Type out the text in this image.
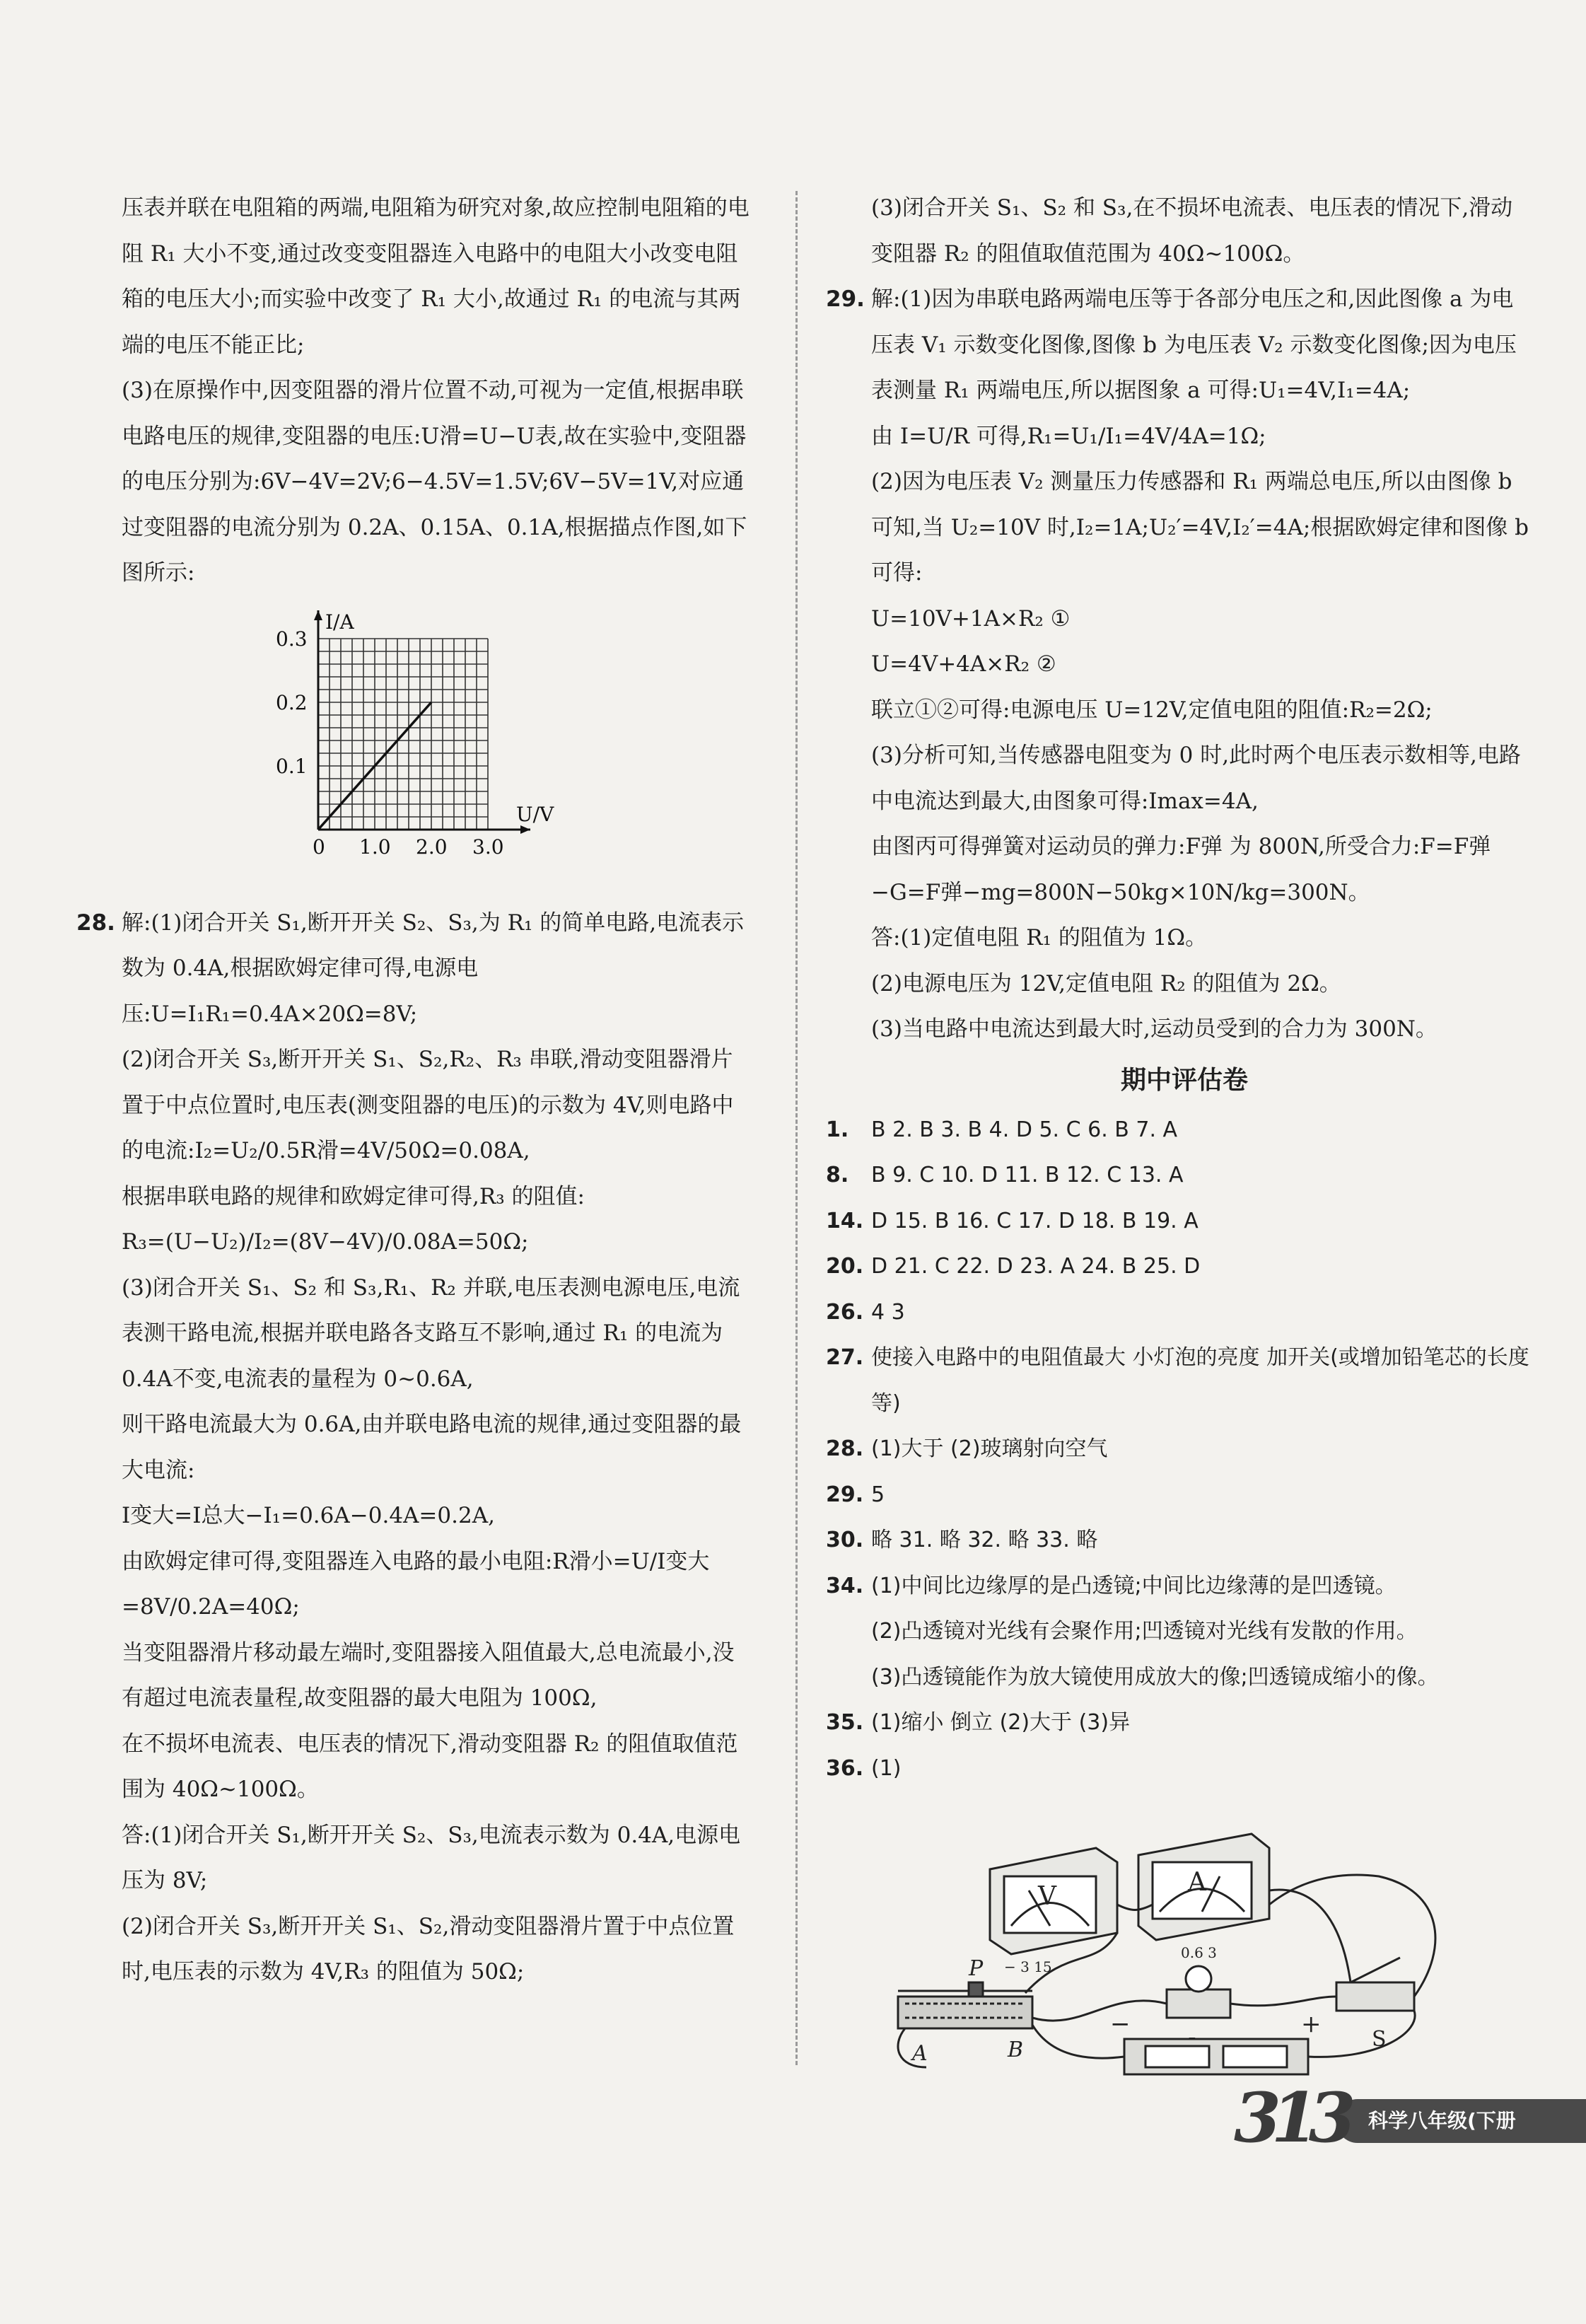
压表并联在电阻箱的两端,电阻箱为研究对象,故应控制电阻箱的电阻 R₁ 大小不变,通过改变变阻器连入电路中的电阻大小改变电阻箱的电压大小;而实验中改变了 R₁ 大小,故通过 R₁ 的电流与其两端的电压不能正比;

(3)在原操作中,因变阻器的滑片位置不动,可视为一定值,根据串联电路电压的规律,变阻器的电压:U滑=U−U表,故在实验中,变阻器的电压分别为:6V−4V=2V;6−4.5V=1.5V;6V−5V=1V,对应通过变阻器的电流分别为 0.2A、0.15A、0.1A,根据描点作图,如下图所示:

0 1.0 2.0 3.0
0.1
0.2
0.3
U/V
I/A
28. 解:(1)闭合开关 S₁,断开开关 S₂、S₃,为 R₁ 的简单电路,电流表示数为 0.4A,根据欧姆定律可得,电源电压:U=I₁R₁=0.4A×20Ω=8V;
(2)闭合开关 S₃,断开开关 S₁、S₂,R₂、R₃ 串联,滑动变阻器滑片置于中点位置时,电压表(测变阻器的电压)的示数为 4V,则电路中的电流:I₂=U₂/0.5R滑=4V/50Ω=0.08A,
根据串联电路的规律和欧姆定律可得,R₃ 的阻值:
R₃=(U−U₂)/I₂=(8V−4V)/0.08A=50Ω;
(3)闭合开关 S₁、S₂ 和 S₃,R₁、R₂ 并联,电压表测电源电压,电流表测干路电流,根据并联电路各支路互不影响,通过 R₁ 的电流为 0.4A不变,电流表的量程为 0~0.6A,
则干路电流最大为 0.6A,由并联电路电流的规律,通过变阻器的最大电流:
I变大=I总大−I₁=0.6A−0.4A=0.2A,
由欧姆定律可得,变阻器连入电路的最小电阻:R滑小=U/I变大=8V/0.2A=40Ω;
当变阻器滑片移动最左端时,变阻器接入阻值最大,总电流最小,没有超过电流表量程,故变阻器的最大电阻为 100Ω,
在不损坏电流表、电压表的情况下,滑动变阻器 R₂ 的阻值取值范围为 40Ω~100Ω。
答:(1)闭合开关 S₁,断开开关 S₂、S₃,电流表示数为 0.4A,电源电压为 8V;
(2)闭合开关 S₃,断开开关 S₁、S₂,滑动变阻器滑片置于中点位置时,电压表的示数为 4V,R₃ 的阻值为 50Ω;

(3)闭合开关 S₁、S₂ 和 S₃,在不损坏电流表、电压表的情况下,滑动变阻器 R₂ 的阻值取值范围为 40Ω~100Ω。

29. 解:(1)因为串联电路两端电压等于各部分电压之和,因此图像 a 为电压表 V₁ 示数变化图像,图像 b 为电压表 V₂ 示数变化图像;因为电压表测量 R₁ 两端电压,所以据图象 a 可得:U₁=4V,I₁=4A;
由 I=U/R 可得,R₁=U₁/I₁=4V/4A=1Ω;
(2)因为电压表 V₂ 测量压力传感器和 R₁ 两端总电压,所以由图像 b 可知,当 U₂=10V 时,I₂=1A;U₂′=4V,I₂′=4A;根据欧姆定律和图像 b 可得:
U=10V+1A×R₂ ①
U=4V+4A×R₂ ②
联立①②可得:电源电压 U=12V,定值电阻的阻值:R₂=2Ω;
(3)分析可知,当传感器电阻变为 0 时,此时两个电压表示数相等,电路中电流达到最大,由图象可得:Imax=4A,
由图丙可得弹簧对运动员的弹力:F弹 为 800N,所受合力:F=F弹−G=F弹−mg=800N−50kg×10N/kg=300N。
答:(1)定值电阻 R₁ 的阻值为 1Ω。
(2)电源电压为 12V,定值电阻 R₂ 的阻值为 2Ω。
(3)当电路中电流达到最大时,运动员受到的合力为 300N。
期中评估卷
1. B 2. B 3. B 4. D 5. C 6. B 7. A
8. B 9. C 10. D 11. B 12. C 13. A
14. D 15. B 16. C 17. D 18. B 19. A
20. D 21. C 22. D 23. A 24. B 25. D
26. 4 3
27. 使接入电路中的电阻值最大 小灯泡的亮度 加开关(或增加铅笔芯的长度等)
28. (1)大于 (2)玻璃射向空气
29. 5
30. 略 31. 略 32. 略 33. 略
34. (1)中间比边缘厚的是凸透镜;中间比边缘薄的是凹透镜。
(2)凸透镜对光线有会聚作用;凹透镜对光线有发散的作用。
(3)凸透镜能作为放大镜使用成放大的像;凹透镜成缩小的像。
35. (1)缩小 倒立 (2)大于 (3)异
36. (1)
V
− 3 15
A
0.6 3
P
A	B	S
−	+
313 科学八年级(下册
